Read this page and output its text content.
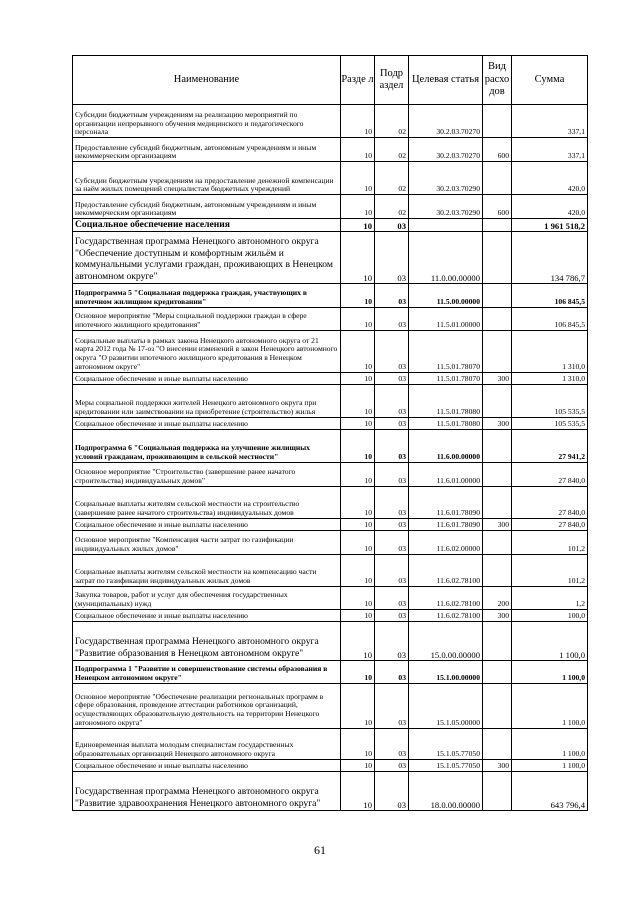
Наименование	Разде л	Подр аздел	Целевая статья	Вид расхо дов	Сумма
Субсидии бюджетным учреждениям на реализацию мероприятий по организации непрерывного обучения медицинского и педагогического персонала	10	02	30.2.03.70270		337,1
Предоставление субсидий бюджетным, автономным учреждениям и иным некоммерческим организациям	10	02	30.2.03.70270	600	337,1
Субсидии бюджетным учреждениям на предоставление денежной компенсации за наём жилых помещений специалистам бюджетных учреждений	10	02	30.2.03.70290		420,0
Предоставление субсидий бюджетным, автономным учреждениям и иным некоммерческим организациям	10	02	30.2.03.70290	600	420,0
Социальное обеспечение населения	10	03			1 961 518,2
Государственная программа Ненецкого автономного округа "Обеспечение доступным и комфортным жильём и коммунальными услугами граждан, проживающих в Ненецком автономном округе"	10	03	11.0.00.00000		134 786,7
Подпрограмма 5 "Социальная поддержка граждан, участвующих в ипотечном жилищном кредитовании"	10	03	11.5.00.00000		106 845,5
Основное мероприятие "Меры социальной поддержки граждан в сфере ипотечного жилищного кредитования"	10	03	11.5.01.00000		106 845,5
Социальные выплаты в рамках закона Ненецкого автономного округа от 21 марта 2012 года № 17-оз "О внесении изменений в закон Ненецкого автономного округа "О развитии ипотечного жилищного кредитования в Ненецком автономном округе"	10	03	11.5.01.78070		1 310,0
Социальное обеспечение и иные выплаты населению	10	03	11.5.01.78070	300	1 310,0
Меры социальной поддержки жителей Ненецкого автономного округа при кредитовании или заимствовании на приобретение (строительство) жилья	10	03	11.5.01.78080		105 535,5
Социальное обеспечение и иные выплаты населению	10	03	11.5.01.78080	300	105 535,5
Подпрограмма 6 "Социальная поддержка на улучшение жилищных условий гражданам, проживающим в сельской местности"	10	03	11.6.00.00000		27 941,2
Основное мероприятие "Строительство (завершение ранее начатого строительства) индивидуальных домов"	10	03	11.6.01.00000		27 840,0
Социальные выплаты жителям сельской местности на строительство (завершение ранее начатого строительства) индивидуальных домов	10	03	11.6.01.78090		27 840,0
Социальное обеспечение и иные выплаты населению	10	03	11.6.01.78090	300	27 840,0
Основное мероприятие "Компенсация части затрат по газификации индивидуальных жилых домов"	10	03	11.6.02.00000		101,2
Социальные выплаты жителям сельской местности на компенсацию части затрат по газификации индивидуальных жилых домов	10	03	11.6.02.78100		101,2
Закупка товаров, работ и услуг для обеспечения государственных (муниципальных) нужд	10	03	11.6.02.78100	200	1,2
Социальное обеспечение и иные выплаты населению	10	03	11.6.02.78100	300	100,0
Государственная программа Ненецкого автономного округа "Развитие образования в Ненецком автономном округе"	10	03	15.0.00.00000		1 100,0
Подпрограмма 1 "Развитие и совершенствование системы образования в Ненецком автономном округе"	10	03	15.1.00.00000		1 100,0
Основное мероприятие "Обеспечение реализации региональных программ в сфере образования, проведение аттестации работников организаций, осуществляющих образовательную деятельность на территории Ненецкого автономного округа"	10	03	15.1.05.00000		1 100,0
Единовременная выплата молодым специалистам государственных образовательных организаций Ненецкого автономного округа	10	03	15.1.05.77050		1 100,0
Социальное обеспечение и иные выплаты населению	10	03	15.1.05.77050	300	1 100,0
Государственная программа Ненецкого автономного округа "Развитие здравоохранения Ненецкого автономного округа"	10	03	18.0.00.00000		643 796,4
61
